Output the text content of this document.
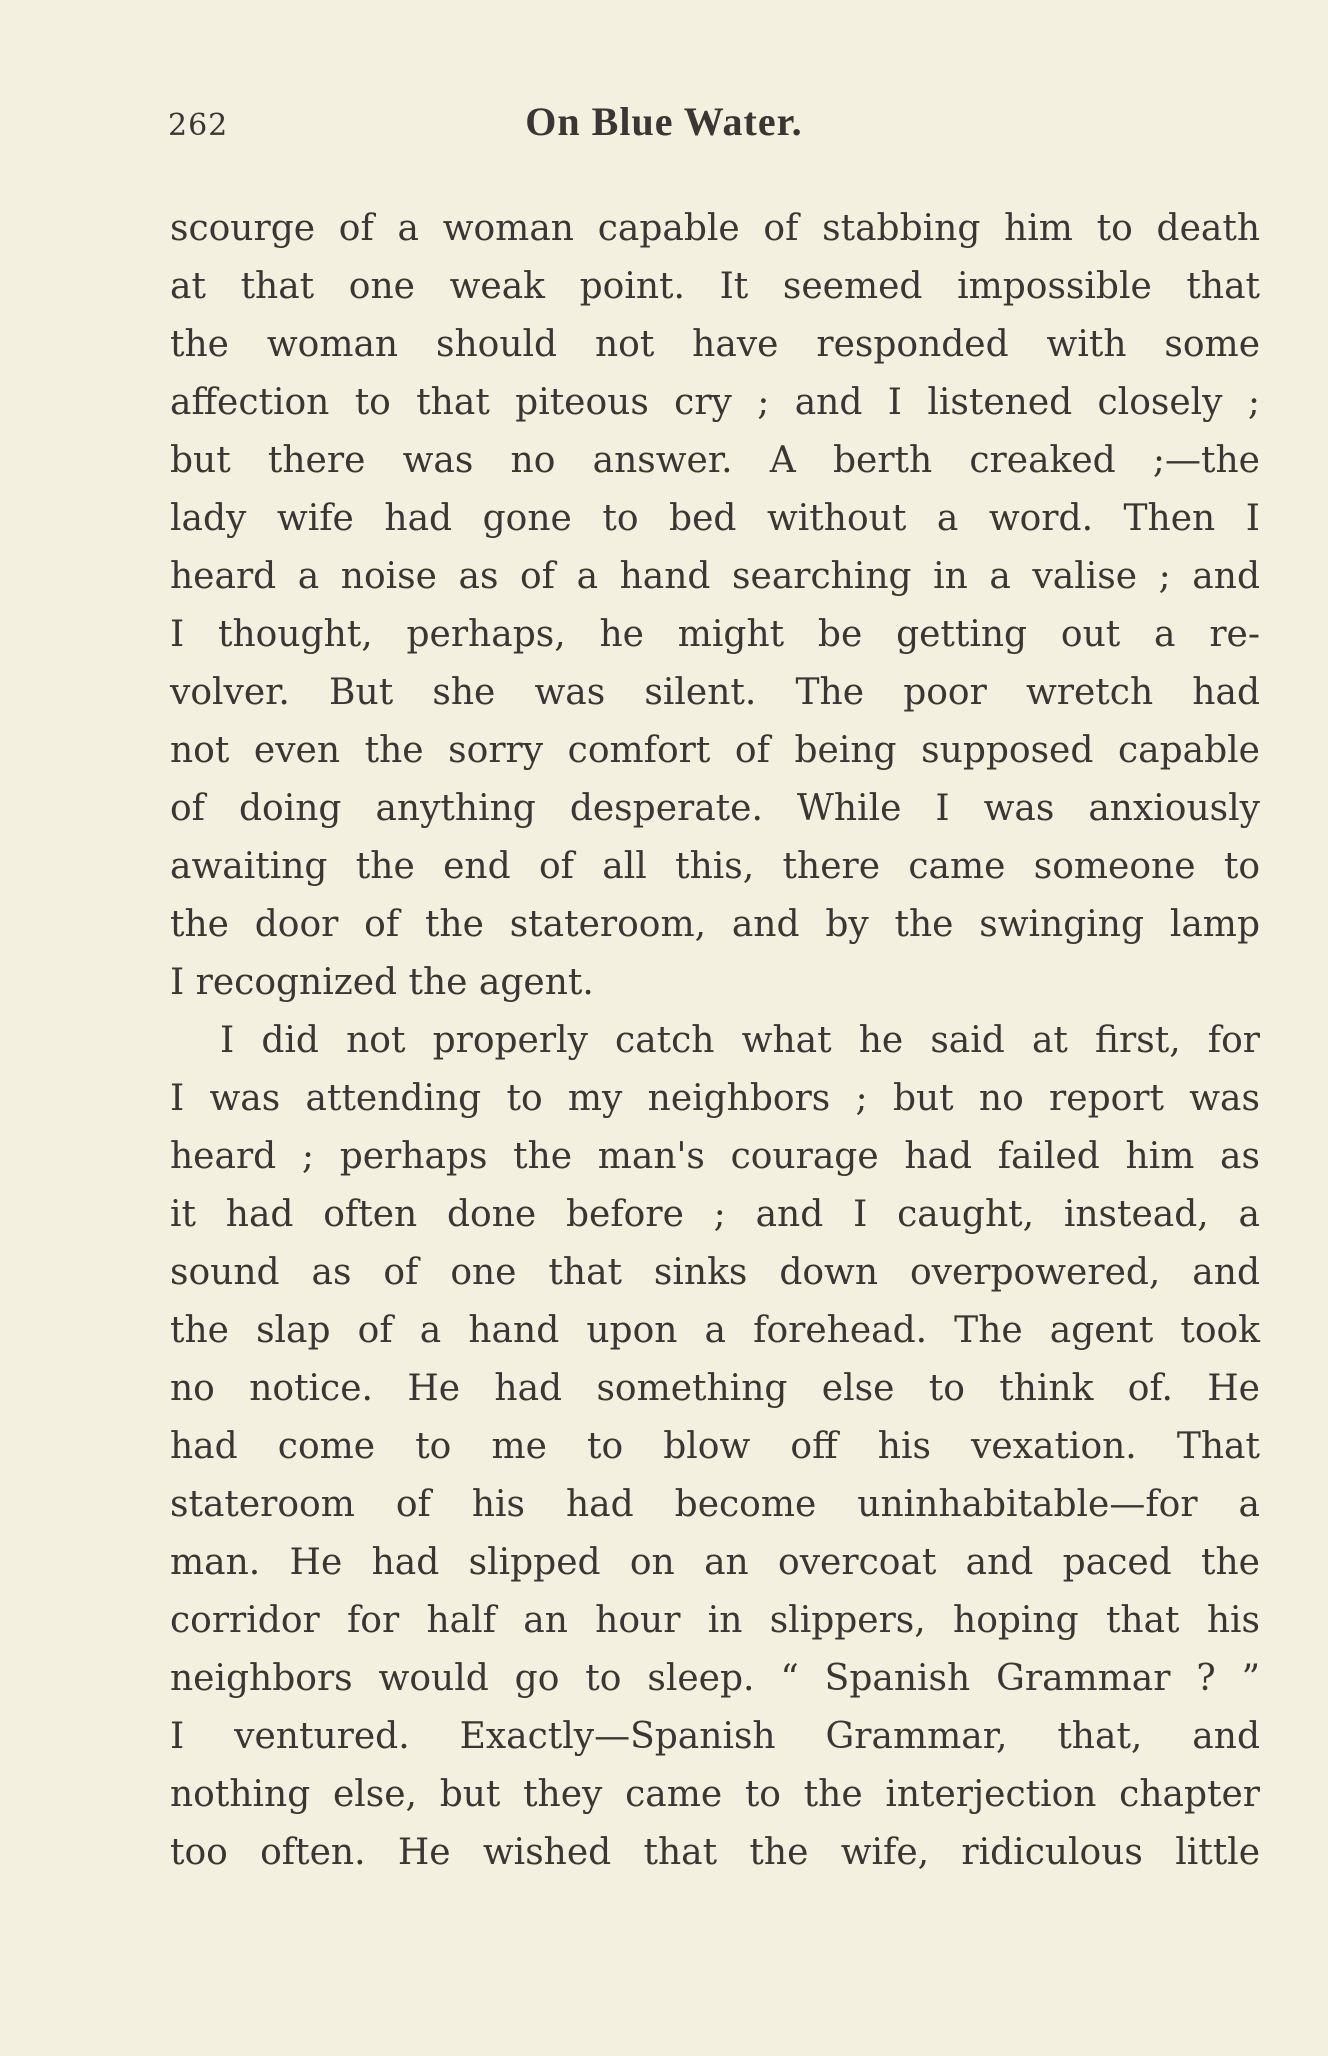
262	On Blue Water.
scourge of a woman capable of stabbing him to death
at that one weak point. It seemed impossible that
the woman should not have responded with some
affection to that piteous cry ; and I listened closely ;
but there was no answer. A berth creaked ;—the
lady wife had gone to bed without a word. Then I
heard a noise as of a hand searching in a valise ; and
I thought, perhaps, he might be getting out a re-
volver. But she was silent. The poor wretch had
not even the sorry comfort of being supposed capable
of doing anything desperate. While I was anxiously
awaiting the end of all this, there came someone to
the door of the stateroom, and by the swinging lamp
I recognized the agent.
I did not properly catch what he said at first, for
I was attending to my neighbors ; but no report was
heard ; perhaps the man's courage had failed him as
it had often done before ; and I caught, instead, a
sound as of one that sinks down overpowered, and
the slap of a hand upon a forehead. The agent took
no notice. He had something else to think of. He
had come to me to blow off his vexation. That
stateroom of his had become uninhabitable—for a
man. He had slipped on an overcoat and paced the
corridor for half an hour in slippers, hoping that his
neighbors would go to sleep. “ Spanish Grammar ? ”
I ventured. Exactly—Spanish Grammar, that, and
nothing else, but they came to the interjection chapter
too often. He wished that the wife, ridiculous little
